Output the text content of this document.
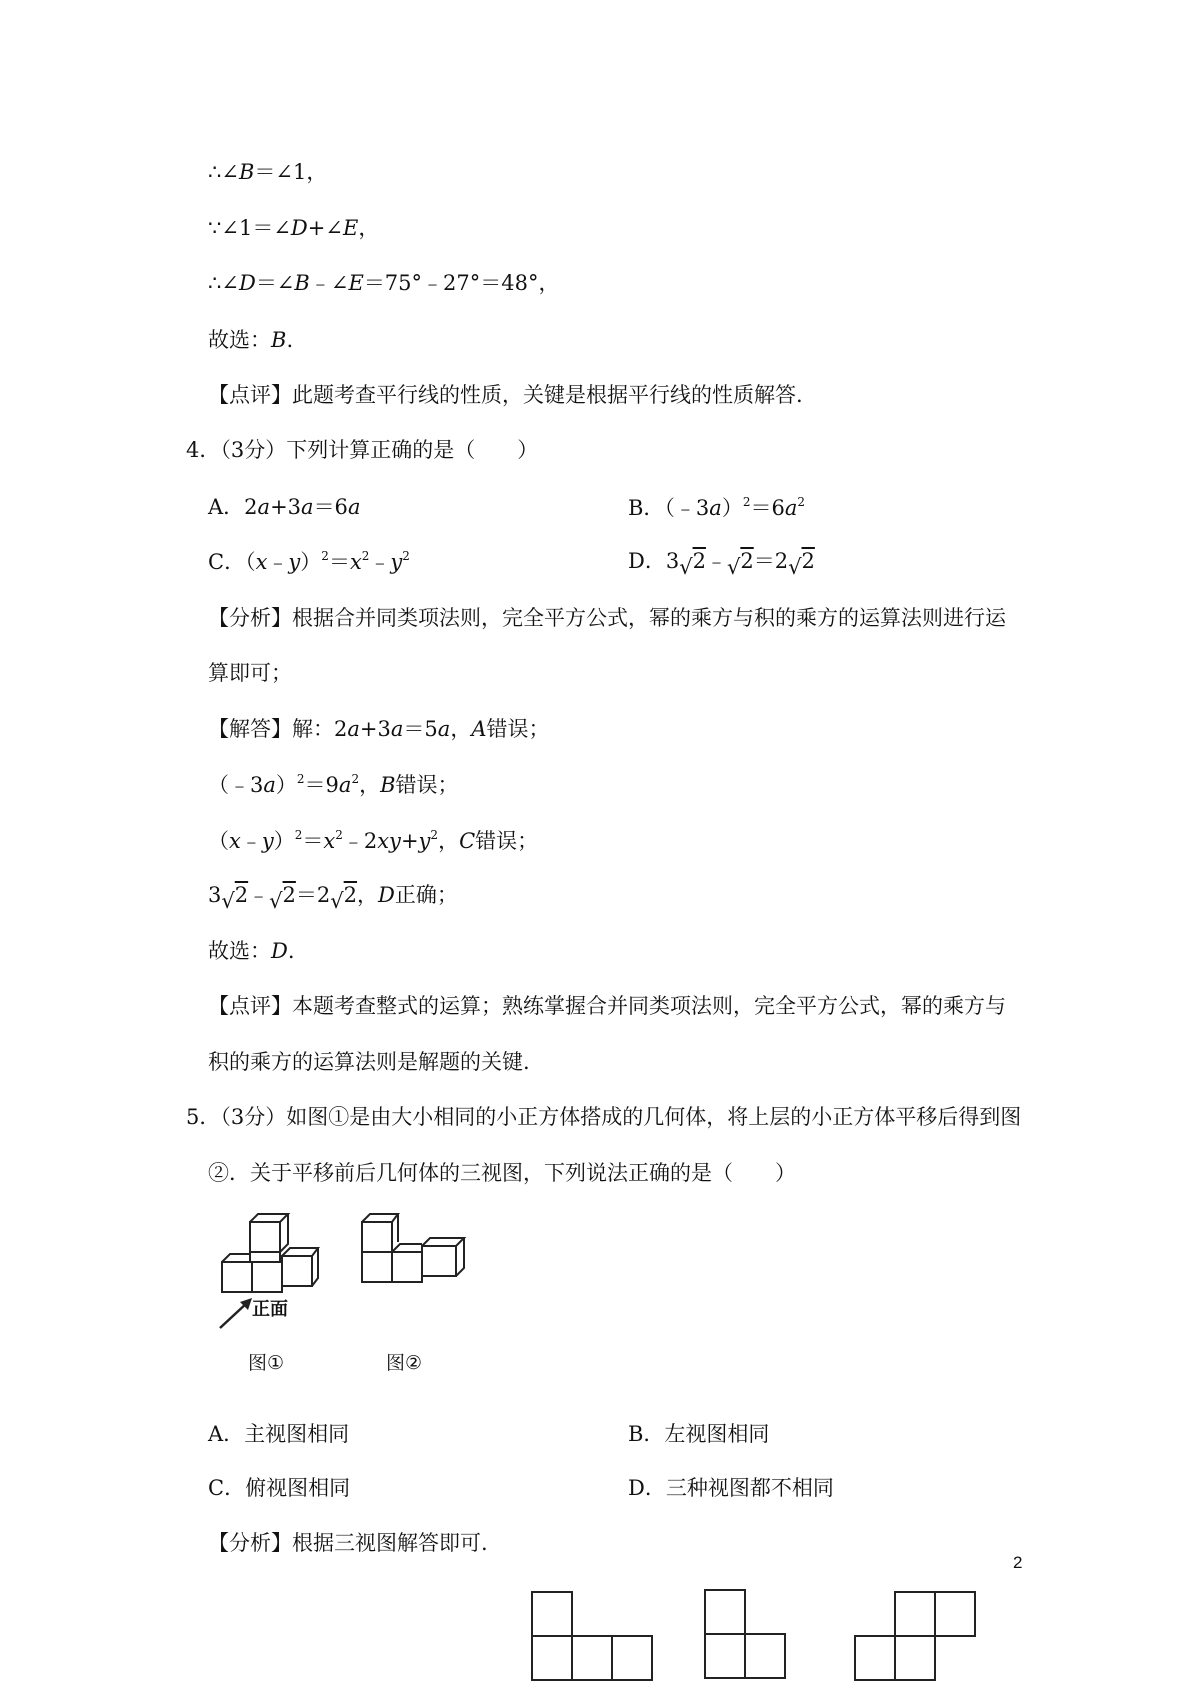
∴∠B＝∠1，
∵∠1＝∠D+∠E，
∴∠D＝∠B﹣∠E＝75°﹣27°＝48°，
故选：B.
【点评】此题考查平行线的性质，关键是根据平行线的性质解答.
4．（3分）下列计算正确的是（　　）
A．2a+3a＝6a	B．$(﹣3a)^2=6a^2$
C．$(x﹣y)^2=x^2﹣y^2$	D．3√2﹣√2＝2√2
【分析】根据合并同类项法则，完全平方公式，幂的乘方与积的乘方的运算法则进行运
算即可；
【解答】解：2a+3a＝5a，A错误；
$(﹣3a)^2=9a^2$，B错误；
$(x﹣y)^2=x^2﹣2xy+y^2$，C错误；
3√2﹣√2＝2√2，D正确；
故选：D.
【点评】本题考查整式的运算；熟练掌握合并同类项法则，完全平方公式，幂的乘方与
积的乘方的运算法则是解题的关键.
5．（3分）如图①是由大小相同的小正方体搭成的几何体，将上层的小正方体平移后得到图
②．关于平移前后几何体的三视图，下列说法正确的是（　　）
正面
图①	图②
A．主视图相同	B．左视图相同
C．俯视图相同	D．三种视图都不相同
【分析】根据三视图解答即可.
2
